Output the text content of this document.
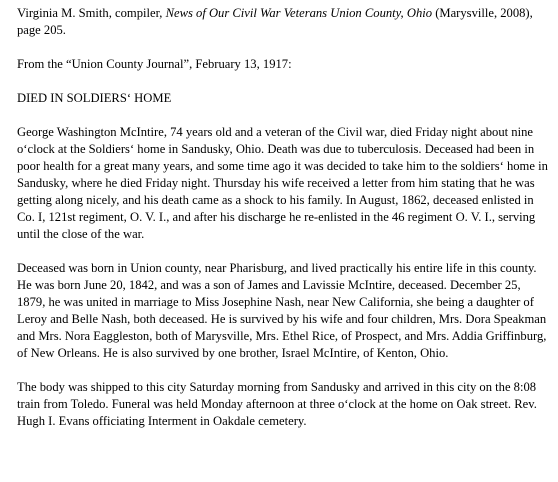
Virginia M. Smith, compiler, News of Our Civil War Veterans Union County, Ohio (Marysville, 2008), page 205.
From the “Union County Journal”, February 13, 1917:
DIED IN SOLDIERS‘ HOME
George Washington McIntire, 74 years old and a veteran of the Civil war, died Friday night about nine o‘clock at the Soldiers‘ home in Sandusky, Ohio. Death was due to tuberculosis. Deceased had been in poor health for a great many years, and some time ago it was decided to take him to the soldiers‘ home in Sandusky, where he died Friday night. Thursday his wife received a letter from him stating that he was getting along nicely, and his death came as a shock to his family. In August, 1862, deceased enlisted in Co. I, 121st regiment, O. V. I., and after his discharge he re-enlisted in the 46 regiment O. V. I., serving until the close of the war.
Deceased was born in Union county, near Pharisburg, and lived practically his entire life in this county. He was born June 20, 1842, and was a son of James and Lavissie McIntire, deceased. December 25, 1879, he was united in marriage to Miss Josephine Nash, near New California, she being a daughter of Leroy and Belle Nash, both deceased. He is survived by his wife and four children, Mrs. Dora Speakman and Mrs. Nora Eaggleston, both of Marysville, Mrs. Ethel Rice, of Prospect, and Mrs. Addia Griffinburg, of New Orleans. He is also survived by one brother, Israel McIntire, of Kenton, Ohio.
The body was shipped to this city Saturday morning from Sandusky and arrived in this city on the 8:08 train from Toledo. Funeral was held Monday afternoon at three o‘clock at the home on Oak street. Rev. Hugh I. Evans officiating Interment in Oakdale cemetery.
